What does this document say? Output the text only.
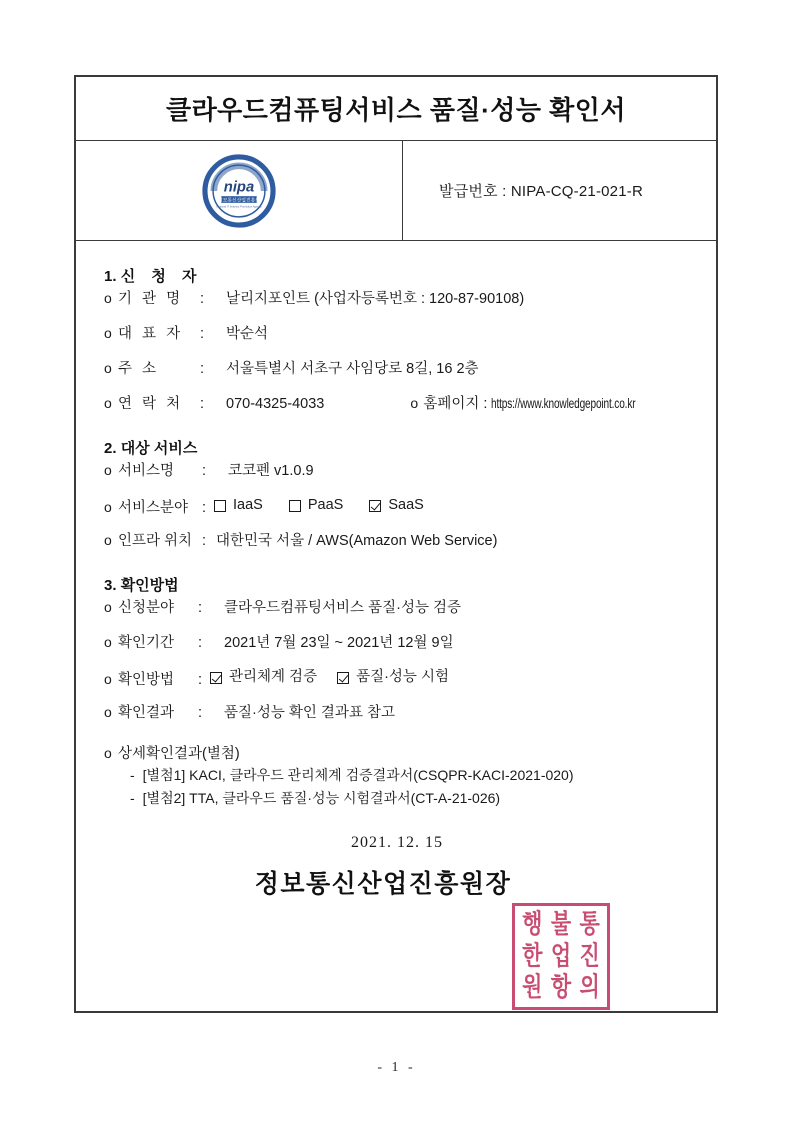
클라우드컴퓨팅서비스 품질·성능 확인서
nipa
정보통신산업진흥원
National IT Industry Promotion Agency
발급번호 : NIPA-CQ-21-021-R
1. 신 청 자
o 기 관 명 :	날리지포인트 (사업자등록번호 : 120-87-90108)
o 대 표 자 :	박순석
o 주 소	:	서울특별시 서초구 사임당로 8길, 16 2층
o 연 락 처 :	070-4325-4033	o 홈페이지 : https://www.knowledgepoint.co.kr
2. 대상 서비스
o 서비스명 :	코코펜 v1.0.9
o 서비스분야 : IaaS	PaaS	SaaS
o 인프라 위치 : 대한민국 서울 / AWS(Amazon Web Service)
3. 확인방법
o 신청분야 :	클라우드컴퓨팅서비스 품질·성능 검증
o 확인기간 :	2021년 7월 23일 ~ 2021년 12월 9일
o 확인방법 : 관리체계 검증	품질·성능 시험
o 확인결과 :	품질·성능 확인 결과표 참고
o 상세확인결과(별첨)
- [별첨1] KACI, 클라우드 관리체계 검증결과서(CSQPR-KACI-2021-020)
- [별첨2] TTA, 클라우드 품질·성능 시험결과서(CT-A-21-026)
2021. 12. 15
정보통신산업진흥원장
행 불 통
한 업 진
원 항 의
- 1 -
